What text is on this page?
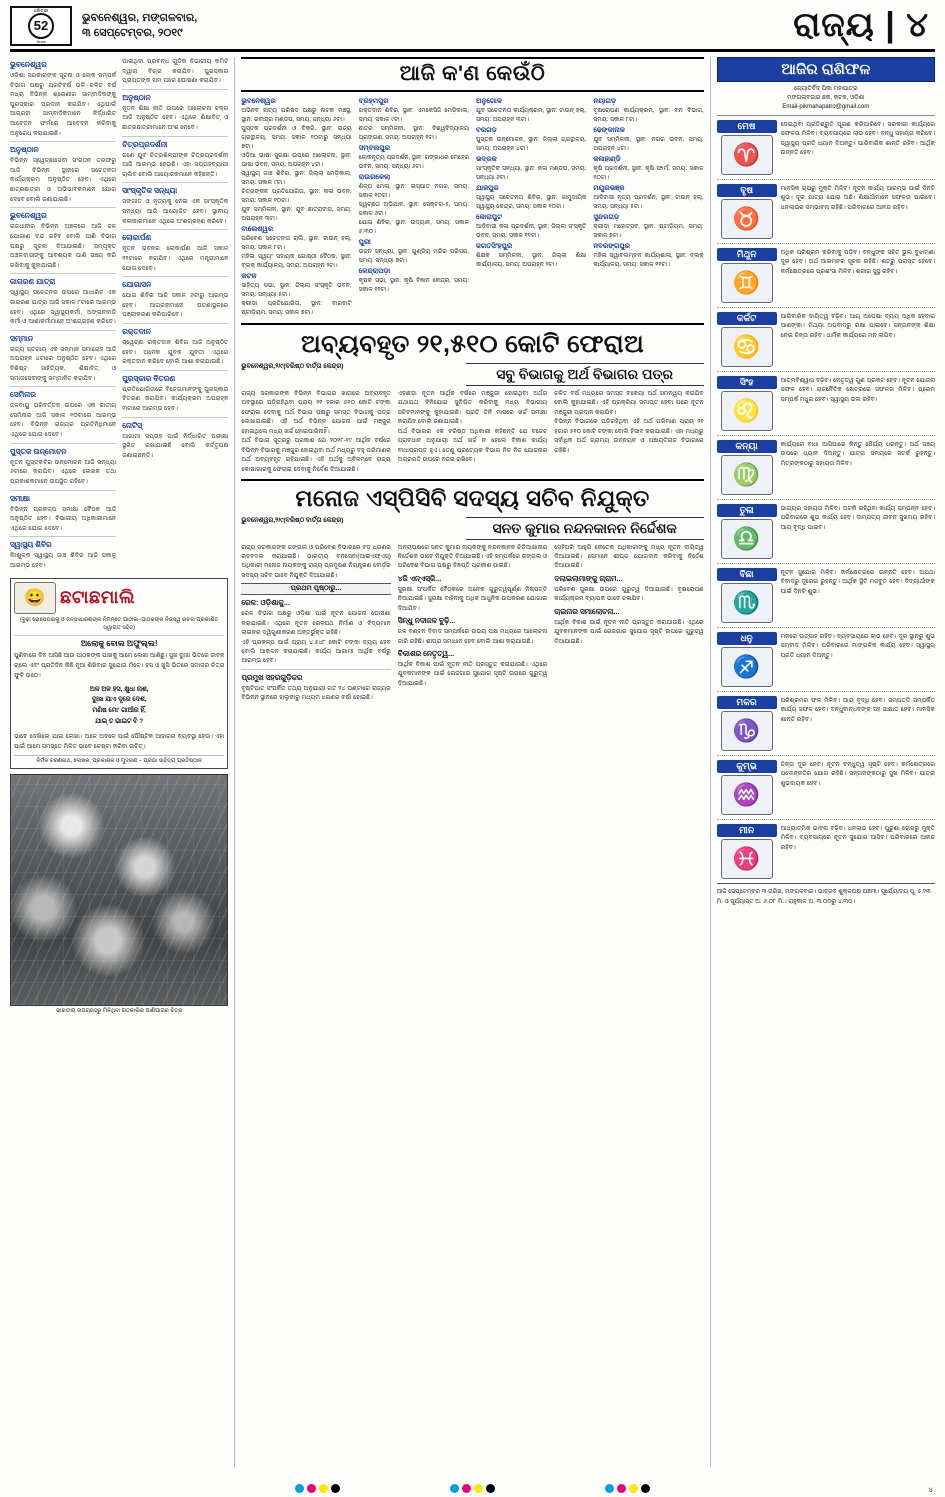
ଧରିତ୍ରୀ
52
Years
ଭୁବନେଶ୍ୱର, ମଙ୍ଗଳବାର,
୩ ସେପ୍ଟେମ୍ବର, ୨୦୧୯	ରାଜ୍ୟ | ୪
ଭୁବନେଶ୍ୱର
ଓଡ଼ିଶା ସରକାରଙ୍କ ସୂଚନା ଓ ଲୋକ ସମ୍ପର୍କ ବିଭାଗ ପକ୍ଷରୁ ପ୍ରତିବର୍ଷ ଭଳି ଚଳିତ ବର୍ଷ ମଧ୍ୟ ବିଭିନ୍ନ ଶ୍ରେଣୀର ସାମ୍ବାଦିକଙ୍କୁ ପୁରସ୍କାର ପ୍ରଦାନ କରାଯିବ। ଏଥିପାଇଁ ଆଗ୍ରହୀ ସାମ୍ବାଦିକମାନେ ନିର୍ଦ୍ଧାରିତ ଆବେଦନ ଫର୍ମରେ ଆବେଦନ କରିବାକୁ ଅନୁରୋଧ କରାଯାଇଛି।
ଅନୁଷ୍ଠାନ
ବିଭିନ୍ନ ସ୍ୱେଚ୍ଛାସେବୀ ସଂଗଠନ ତରଫରୁ ଆଜି ବିଭିନ୍ନ ସ୍ଥାନରେ ସଚେତନତା କାର୍ଯ୍ୟକ୍ରମ ଅନୁଷ୍ଠିତ ହେବ। ଏଥିରେ ଛାତ୍ରଛାତ୍ରୀ ଓ ଅଭିଭାବକମାନେ ଯୋଗ ଦେବେ ବୋଲି ଜଣାଯାଇଛି।
ଭୁବନେଶ୍ୱର
ରାଜଧାନୀର ବିଭିନ୍ନ ଅଞ୍ଚଳରେ ଆଜି ଜଳ ଯୋଗାଣ ବନ୍ଦ ରହିବ ବୋଲି ପାଣି ବିଭାଗ ପକ୍ଷରୁ ସୂଚନା ଦିଆଯାଇଛି। ସମ୍ପୃକ୍ତ ଅଞ୍ଚଳବାସୀଙ୍କୁ ଆବଶ୍ୟକ ପାଣି ସଞ୍ଚୟ କରି ରଖିବାକୁ କୁହାଯାଇଛି।
ଜାଗରଣ ଯାତ୍ରା
ସ୍ୱାସ୍ଥ୍ୟ ସଚେତନତା ଉପରେ ଆଧାରିତ ଏକ ଜାଗରଣ ଯାତ୍ରା ଆଜି ସକାଳ ୮ଟାରେ ଆରମ୍ଭ ହେବ। ଏଥିରେ ସ୍ୱାସ୍ଥ୍ୟକର୍ମୀ, ଅଙ୍ଗନବାଡ଼ି କର୍ମୀ ଓ ଆଶାକର୍ମୀମାନେ ଅଂଶଗ୍ରହଣ କରିବେ।
ସମ୍ମାନ
ରାଜ୍ୟ ସ୍ତରୀୟ ଏକ ସମ୍ମାନ ସମାରୋହ ଆଜି ଅପରାହ୍ନ ୪ଟାରେ ଅନୁଷ୍ଠିତ ହେବ। ଏଥିରେ ବିଶିଷ୍ଟ ସାହିତ୍ୟିକ, ଶିକ୍ଷାବିତ୍ ଓ ସମାଜସେବୀଙ୍କୁ ସମ୍ମାନିତ କରାଯିବ।
ସେମିନାର
ଜଳବାୟୁ ପରିବର୍ତ୍ତନ ଉପରେ ଏକ ଜାତୀୟ ସେମିନାର ଆଜି ସକାଳ ୧୦ଟାରେ ଆରମ୍ଭ ହେବ। ବିଭିନ୍ନ ରାଜ୍ୟର ପ୍ରତିନିଧିମାନେ ଏଥିରେ ଯୋଗ ଦେବେ।
ପୁସ୍ତକ ଉନ୍ମୋଚନ
ନୂତନ ପୁସ୍ତକଟିର ଉନ୍ମୋଚନ ଆଜି ସନ୍ଧ୍ୟା ୬ଟାରେ କରାଯିବ। ଏଥିରେ ଲେଖକ ତଥା ପ୍ରକାଶକମାନେ ଉପସ୍ଥିତ ରହିବେ।
ସମୀକ୍ଷା
ବିଭିନ୍ନ ପ୍ରକଳ୍ପ ସମୀକ୍ଷା ବୈଠକ ଆଜି ଅନୁଷ୍ଠିତ ହେବ। ବିଭାଗୀୟ ଅଧିକାରୀମାନେ ଏଥିରେ ଯୋଗ ଦେବେ।
ସ୍ୱାସ୍ଥ୍ୟ ଶିବିର
ନିଃଶୁଳ୍କ ସ୍ୱାସ୍ଥ୍ୟ ଜାଞ୍ଚ ଶିବିର ଆଜି ସକାଳୁ ଆରମ୍ଭ ହେବ।
ପାଇଥିବା ପ୍ରବନ୍ଧ ଗୁଡ଼ିକ ବିଭାଗୀୟ କମିଟି ଦ୍ୱାରା ବିଚାର କରାଯିବ। ପୁରସ୍କାର ପ୍ରାପ୍ତଙ୍କ ନାମ ପରେ ଘୋଷଣା କରାଯିବ।
ଅନୁଷ୍ଠାନ
ନୂତନ ଶିକ୍ଷା ନୀତି ଉପରେ ଆଲୋଚନା ଚକ୍ର ଆଜି ଅନୁଷ୍ଠିତ ହେବ। ଏଥିରେ ଶିକ୍ଷାବିତ୍ ଓ ଛାତ୍ରଛାତ୍ରୀମାନେ ଅଂଶ ନେବେ।
ଚିତ୍ରପ୍ରଦର୍ଶନୀ
ଜଣେ ଯୁବ ଚିତ୍ରଶିଳ୍ପୀଙ୍କ ଚିତ୍ରପ୍ରଦର୍ଶନୀ ଆଜି ଆରମ୍ଭ ହେଉଛି। ଏହା ସପ୍ତାହବ୍ୟାପୀ ଚାଲିବ ବୋଲି ଆୟୋଜକମାନେ କହିଛନ୍ତି।
ସାଂସ୍କୃତିକ ସନ୍ଧ୍ୟା
ସଙ୍ଗୀତ ଓ ନୃତ୍ୟକୁ ନେଇ ଏକ ସାଂସ୍କୃତିକ ସନ୍ଧ୍ୟା ଆଜି ଆୟୋଜିତ ହେବ। ସ୍ଥାନୀୟ କଳାକାରମାନେ ଏଥିରେ ଅଂଶଗ୍ରହଣ କରିବେ।
ଲୋକାର୍ପଣ
ନୂତନ ଭବନର ଲୋକାର୍ପଣ ଆଜି ସକାଳ ୧୧ଟାରେ କରାଯିବ। ଏଥିରେ ମନ୍ତ୍ରୀମାନେ ଯୋଗ ଦେବେ।
ଯୋଗାସନ
ଯୋଗ ଶିବିର ଆଜି ସକାଳ ୬ଟାରୁ ଆରମ୍ଭ ହେବ। ଆଗ୍ରହୀମାନେ ଘଟଣାସ୍ଥଳରେ ପଞ୍ଜୀକରଣ କରିପାରିବେ।
ରକ୍ତଦାନ
ସ୍ୱେଚ୍ଛା ରକ୍ତଦାନ ଶିବିର ଆଜି ଅନୁଷ୍ଠିତ ହେବ। ଅନେକ ଯୁବକ ଯୁବତୀ ଏଥିରେ ରକ୍ତଦାନ କରିବେ ବୋଲି ଆଶା କରାଯାଉଛି।
ପୁରସ୍କାର ବିତରଣ
ପ୍ରତିଯୋଗିତାରେ ବିଜେତାମାନଙ୍କୁ ପୁରସ୍କାର ବିତରଣ କରାଯିବ। କାର୍ଯ୍ୟକ୍ରମ ଅପରାହ୍ନ ୩ଟାରେ ଆରମ୍ଭ ହେବ।
ନୋଟିସ୍
ଆଗାମୀ ସପ୍ତାହ ପାଇଁ ନିର୍ଦ୍ଧାରିତ ପରୀକ୍ଷା ସ୍ଥଗିତ ରଖାଯାଇଛି ବୋଲି କର୍ତ୍ତୃପକ୍ଷ ଜଣାଇଛନ୍ତି।
😀 ଛଟାଛମାଲି
(ବୁଢ଼ା ରୋଷେଘରକୁ ଓ ଜନସାଧାରଣଙ୍କ ନିମନ୍ତେ ପାଠାଇ−ପାଠକଙ୍କ ନିଜସ୍ୱ ରଚନା ପ୍ରକାଶିତ ସ୍ୱାଗତ ସହିତ)
ଅଲୋକୁ ବୋଲ ଅଫୁଲ୍ଲ!
ପୁଣିବାରେ ଦିନ ଆସିଛି ଆଉ ପାଠକଙ୍କ ପାଖକୁ ଆମେ ଲେଖା ଆଣିଛୁ। ସୁଖ ଦୁଃଖ ଭିତରେ ଜୀବନ ଚାଲେ ଏବଂ ପ୍ରତିଦିନ କିଛି ନୂଆ ଶିଖିବାର ସୁଯୋଗ ମିଳେ। ହସ ଓ ଖୁସି ଭିତରେ ସମାଜର ଚିତ୍ର ଫୁଟି ଉଠେ।
ଅଳ ଅଳ ହସ, କ୍ଷୁଧା ନାଶ,
ଦୁଃଖ ଯାଏ ଦୂରେ ଦେଶ,
ମଣିଷ ମୋ' ଗାଆଁର ହିଁ,
ଯାଇ୍ ତ ଭାଇଟ ବି ?
ଭାବେ ଦେଖିଲେ ଯାଇ ଲେଖା। ଅଳେ ଅବଳେ ପାଇଁ ପୌଷ୍ଟିକ ଆହାରର ବ୍ୟବସ୍ଥା ହେଉ। ଏହା ପାଇଁ ଆମେ ସମସ୍ତେ ମିଳିତ ଭାବେ ଚେଷ୍ଟା କରିବା ଉଚିତ୍।
ନିର୍ମଳ ଚରଣନାଥ, ଲେଖକ, ପ୍ରକାଶକ ଓ ମୁଦ୍ରଣ − ପ୍ରଭା ସାହିତ୍ୟ ପ୍ରତିଷ୍ଠାନ
ଭାରତୀୟ ଉପଗ୍ରହରୁ ମିଳିଥିବା ଗତକାଲିର ପାଣିପାଗର ଚିତ୍ର
ଆଜି କ'ଣ କେଉଁଠି
ଭୁବନେଶ୍ୱର
ଅଭିନବ ନାଟ୍ୟ ପରିଷଦ ପକ୍ଷରୁ ନାଟକ ମଞ୍ଚସ୍ଥ, ସ୍ଥାନ: ରବୀନ୍ଦ୍ର ମଣ୍ଡପ, ସମୟ: ସନ୍ଧ୍ୟା ୬ଟା।
ପୁସ୍ତକ ପ୍ରଦର୍ଶନୀ ଓ ବିକ୍ରି, ସ୍ଥାନ: ରାଜ୍ୟ ଗ୍ରନ୍ଥାଳୟ, ସମୟ: ସକାଳ ୧୦ଟାରୁ ସନ୍ଧ୍ୟା ୭ଟା।
ଓଡ଼ିଆ ଭାଷା ସୁରକ୍ଷା ଉପରେ ଆଲୋଚନା, ସ୍ଥାନ: ଭାଷା ଭବନ, ସମୟ: ଅପରାହ୍ନ ୪ଟା।
ସ୍ୱାସ୍ଥ୍ୟ ଜାଞ୍ଚ ଶିବିର, ସ୍ଥାନ: ଜିଲ୍ଲା ମେଡ଼ିକାଲ, ସମୟ: ସକାଳ ୯ଟା।
ଚିତ୍ରାଙ୍କନ ପ୍ରତିଯୋଗିତା, ସ୍ଥାନ: କଳା ଭବନ, ସମୟ: ସକାଳ ୧୦ଟା।
ଯୁବ ସମ୍ମିଳନୀ, ସ୍ଥାନ: ଯୁବ ଛାତ୍ରାବାସ, ସମୟ: ଅପରାହ୍ନ ୩ଟା।
ବାଲେଶ୍ୱର
ପରିବେଶ ସଚେତନତା ରାଲି, ସ୍ଥାନ: ଟାଉନ୍ ହଲ୍, ସମୟ: ସକାଳ ୮ଟା।
ମହିଳା ସ୍ୱୟଂ ସହାୟକ ଗୋଷ୍ଠୀ ବୈଠକ, ସ୍ଥାନ: ବ୍ଲକ୍ କାର୍ଯ୍ୟାଳୟ, ସମୟ: ଅପରାହ୍ନ ୨ଟା।
କଟକ
ସାହିତ୍ୟ ସଭା, ସ୍ଥାନ: ଜିଲ୍ଲା ସଂସ୍କୃତି ଭବନ, ସମୟ: ସନ୍ଧ୍ୟା ୫ଟା।
କ୍ରୀଡ଼ା ପ୍ରତିଯୋଗିତା, ସ୍ଥାନ: ବାରବାଟି ଷ୍ଟାଡ଼ିୟମ, ସମୟ: ସକାଳ ୭ଟା।
ବ୍ରହ୍ମପୁର
ରକ୍ତଦାନ ଶିବିର, ସ୍ଥାନ: ଏମକେସିଜି ମେଡ଼ିକାଲ, ସମୟ: ସକାଳ ୯ଟା।
ଛାତ୍ର ସମ୍ମିଳନୀ, ସ୍ଥାନ: ବିଶ୍ୱବିଦ୍ୟାଳୟ ପ୍ରାଙ୍ଗଣ, ସମୟ: ଅପରାହ୍ନ ୧ଟା।
ସମ୍ବଲପୁର
ଲୋକନୃତ୍ୟ ପ୍ରଦର୍ଶନ, ସ୍ଥାନ: ଗଙ୍ଗାଧର ମେହେର ଭବନ, ସମୟ: ସନ୍ଧ୍ୟା ୬ଟା।
ରାଉରକେଲା
ଶିଳ୍ପ ମେଳା, ସ୍ଥାନ: ଇସ୍ପାତ ନଗର, ସମୟ: ସକାଳ ୧୦ଟା।
ସ୍ୱଚ୍ଛତା ଅଭିଯାନ, ସ୍ଥାନ: ସେକ୍ଟର-୫, ସମୟ: ସକାଳ ୬ଟା।
ଯୋଗ ଶିବିର, ସ୍ଥାନ: ଉଦ୍ୟାନ, ସମୟ: ସକାଳ ୫:୩୦।
ପୁରୀ
ଭଜନ ସନ୍ଧ୍ୟା, ସ୍ଥାନ: ଗୁଣ୍ଡିଚା ମନ୍ଦିର ପରିସର, ସମୟ: ସନ୍ଧ୍ୟା ୭ଟା।
କେନ୍ଦ୍ରାପଡ଼ା
କୃଷକ ସଭା, ସ୍ଥାନ: କୃଷି ବିଜ୍ଞାନ କେନ୍ଦ୍ର, ସମୟ: ସକାଳ ୧୧ଟା।
ଅନୁଗୋଳ
ଯୁବ ସଚେତନତା କାର୍ଯ୍ୟକ୍ରମ, ସ୍ଥାନ: ଟାଉନ୍ ହଲ୍, ସମୟ: ଅପରାହ୍ନ ୩ଟା।
ବରଗଡ଼
ପୁସ୍ତକ ଉନ୍ମୋଚନ, ସ୍ଥାନ: ଜିଲ୍ଲା ଗ୍ରନ୍ଥାଳୟ, ସମୟ: ଅପରାହ୍ନ ୪ଟା।
ଭଦ୍ରକ
ସାଂସ୍କୃତିକ ସନ୍ଧ୍ୟା, ସ୍ଥାନ: କଳା ମଣ୍ଡପ, ସମୟ: ସନ୍ଧ୍ୟା ୬ଟା।
ଯାଜପୁର
ସ୍ୱାସ୍ଥ୍ୟ ସଚେତନତା ଶିବିର, ସ୍ଥାନ: ସାମୁଦାୟିକ ସ୍ୱାସ୍ଥ୍ୟ କେନ୍ଦ୍ର, ସମୟ: ସକାଳ ୧୦ଟା।
କୋରାପୁଟ
ଆଦିବାସୀ କଳା ପ୍ରଦର୍ଶନୀ, ସ୍ଥାନ: ଜିଲ୍ଲା ସଂସ୍କୃତି ଭବନ, ସମୟ: ସକାଳ ୧୧ଟା।
ଜଗତସିଂହପୁର
ଶିକ୍ଷକ ସମ୍ମିଳନୀ, ସ୍ଥାନ: ଜିଲ୍ଲା ଶିକ୍ଷା କାର୍ଯ୍ୟାଳୟ, ସମୟ: ଅପରାହ୍ନ ୨ଟା।
ନୟାଗଡ଼
ବୃକ୍ଷରୋପଣ କାର୍ଯ୍ୟକ୍ରମ, ସ୍ଥାନ: ବନ ବିଭାଗ, ସମୟ: ସକାଳ ୮ଟା।
ଢେଙ୍କାନାଳ
ଯୁବ ସମ୍ମିଳନୀ, ସ୍ଥାନ: ନଗର ଭବନ, ସମୟ: ଅପରାହ୍ନ ୪ଟା।
କଳାହାଣ୍ଡି
କୃଷି ପ୍ରଦର୍ଶନୀ, ସ୍ଥାନ: କୃଷି ଫାର୍ମ, ସମୟ: ସକାଳ ୧୦ଟା।
ମୟୂରଭଞ୍ଜ
ଆଦିବାସୀ ନୃତ୍ୟ ପ୍ରଦର୍ଶନ, ସ୍ଥାନ: ଟାଉନ୍ ହଲ୍, ସମୟ: ସନ୍ଧ୍ୟା ୫ଟା।
ସୁନ୍ଦରଗଡ଼
କ୍ରୀଡ଼ା ମହୋତ୍ସବ, ସ୍ଥାନ: ଷ୍ଟାଡ଼ିୟମ, ସମୟ: ସକାଳ ୭ଟା।
ନବରଙ୍ଗପୁର
ମହିଳା ସ୍ୱାବଲମ୍ବନ କାର୍ଯ୍ୟଶାଳା, ସ୍ଥାନ: ବ୍ଲକ୍ କାର୍ଯ୍ୟାଳୟ, ସମୟ: ସକାଳ ୧୧ଟା।
ଅବ୍ୟବହୃତ ୨୧,୫୧୦ କୋଟି ଫେରାଅ
ଭୁବନେଶ୍ୱର,୨/୯(ବରିଷ୍ଠ ବାର୍ତ୍ତା କେନ୍ଦ୍ର)	ସବୁ ବିଭାଗକୁ ଅର୍ଥ ବିଭାଗର ପତ୍ର
ରାଜ୍ୟ ସରକାରଙ୍କ ବିଭିନ୍ନ ବିଭାଗର ଖାତାରେ ଅବ୍ୟବହୃତ ଅବସ୍ଥାରେ ପଡ଼ିରହିଥିବା ପ୍ରାୟ ୨୧ ହଜାର ୫୧୦ କୋଟି ଟଙ୍କା ଫେରାଇ ଦେବାକୁ ଅର୍ଥ ବିଭାଗ ପକ୍ଷରୁ ସମସ୍ତ ବିଭାଗକୁ ପତ୍ର ଲେଖାଯାଇଛି। ଏହି ଅର୍ଥ ବିଭିନ୍ନ ଯୋଜନା ପାଇଁ ମଞ୍ଜୁର ହୋଇଥିଲେ ମଧ୍ୟ ଖର୍ଚ୍ଚ ହୋଇପାରିନାହିଁ।
ଅର୍ଥ ବିଭାଗ ସୂତ୍ରରୁ ପ୍ରକାଶ ଯେ ୨୦୧୮-୧୯ ଆର୍ଥିକ ବର୍ଷରେ ବିଭିନ୍ନ ବିଭାଗକୁ ମଞ୍ଜୁର ହୋଇଥିବା ଅର୍ଥ ମଧ୍ୟରୁ ବହୁ ପରିମାଣର ଅର୍ଥ ଅବ୍ୟବହୃତ ରହିଯାଇଛି। ଏହି ଅର୍ଥକୁ ଅବିଳମ୍ବେ ରାଜ୍ୟ କୋଷାଗାରକୁ ଫେରାଇ ଦେବାକୁ ନିର୍ଦ୍ଦେଶ ଦିଆଯାଇଛି।
ଏହାଛଡ଼ା ନୂତନ ଆର୍ଥିକ ବର୍ଷରେ ମଞ୍ଜୁରୀ ହୋଇଥିବା ଅର୍ଥର ଯଥାଯଥ ବିନିଯୋଗ ସୁନିଶ୍ଚିତ କରିବାକୁ ମଧ୍ୟ ବିଭାଗୀୟ ସଚିବମାନଙ୍କୁ କୁହାଯାଇଛି। ପ୍ରତି ତିନି ମାସରେ ଖର୍ଚ୍ଚ ସମୀକ୍ଷା କରାଯିବ ବୋଲି ଜଣାଯାଇଛି।
ଅର୍ଥ ବିଭାଗର ଏକ ବରିଷ୍ଠ ଅଧିକାରୀ କହିଛନ୍ତି ଯେ ବଜେଟ ପ୍ରାବଧାନ ଅନୁଯାୟୀ ଅର୍ଥ ଖର୍ଚ୍ଚ ନ ହେଲେ ବିକାଶ କାର୍ଯ୍ୟ ବାଧାପ୍ରାପ୍ତ ହୁଏ। ତେଣୁ ପ୍ରତ୍ୟେକ ବିଭାଗ ନିଜ ନିଜ ଯୋଜନାର ଅଗ୍ରଗତି ଉପରେ ନଜର ରଖିବେ।
ଚଳିତ ବର୍ଷ ମଧ୍ୟରେ ସମସ୍ତ ବକେୟା ଅର୍ଥ ସମନ୍ୱୟ କରାଯିବ ବୋଲି କୁହାଯାଇଛି। ଏହି ପ୍ରକ୍ରିୟା ସମାପ୍ତ ହେବା ପରେ ନୂତନ ମଞ୍ଜୁରୀ ପ୍ରଦାନ କରାଯିବ।
ବିଭିନ୍ନ ବିଭାଗରେ ପଡ଼ିରହିଥିବା ଏହି ଅର୍ଥ ପରିମାଣ ପ୍ରାୟ ୨୧ ହଜାର ୫୧୦ କୋଟି ଟଙ୍କା ବୋଲି ହିସାବ କରାଯାଇଛି। ଏହା ମଧ୍ୟରୁ ସର୍ବାଧିକ ଅର୍ଥ ଗ୍ରାମ୍ୟ ଉନ୍ନୟନ ଓ ପଞ୍ଚାୟତିରାଜ ବିଭାଗରେ ରହିଛି।
ମନୋଜ ଏସ୍‌ପିସିବି ସଦସ୍ୟ ସଚିବ ନିଯୁକ୍ତ
ଭୁବନେଶ୍ୱର,୨/୯(ବରିଷ୍ଠ ବାର୍ତ୍ତା କେନ୍ଦ୍ର)	ସନତ କୁମାର ନନ୍ଦନକାନନ ନିର୍ଦ୍ଦେଶକ
ରାଜ୍ୟ ସରକାରଙ୍କ ଜଙ୍ଗଲ ଓ ପରିବେଶ ବିଭାଗରେ ବଡ଼ ଧରଣର ରଦବଦଲ କରାଯାଇଛି। ଭାରତୀୟ ବନସେବା(ଆଇଏଫ୍ଏସ୍) ଅଧିକାରୀ ମନୋଜ ନାୟକଙ୍କୁ ରାଜ୍ୟ ପ୍ରଦୂଷଣ ନିୟନ୍ତ୍ରଣ ବୋର୍ଡ଼ର ସଦସ୍ୟ ସଚିବ ଭାବେ ନିଯୁକ୍ତି ଦିଆଯାଇଛି।
ପ୍ରଥମ ପୃଷ୍ଠାରୁ...
ରେଳ: ଓଡ଼ିଶାକୁ...
ରେଳ ବିଭାଗ ପକ୍ଷରୁ ଓଡ଼ିଶା ପାଇଁ ନୂତନ ଯୋଜନା ଘୋଷଣା କରାଯାଇଛି। ଏଥିରେ ନୂତନ ରେଳପଥ ନିର୍ମାଣ ଓ ବିଦ୍ୟମାନ ଲାଇନର ଦ୍ୱିଗୁଣୀକରଣ ଅନ୍ତର୍ଭୁକ୍ତ ରହିଛି।
ଏହି ପ୍ରକଳ୍ପ ପାଇଁ ପ୍ରାୟ ୪,୫୪୮ କୋଟି ଟଙ୍କା ବ୍ୟୟ ହେବ ବୋଲି ଆକଳନ କରାଯାଇଛି। କାର୍ଯ୍ୟ ଆଗାମୀ ଆର୍ଥିକ ବର୍ଷରୁ ଆରମ୍ଭ ହେବ।
ପ୍ରମୁଖ ସହରଗୁଡ଼ିକର
ବୃଷ୍ଟିପାତ ସଂପର୍କିତ ତଥ୍ୟ ଅନୁଯାୟୀ ଗତ ୨୪ ଘଣ୍ଟାରେ ରାଜ୍ୟର ବିଭିନ୍ନ ସ୍ଥାନରେ ହାଲୁକାରୁ ମଧ୍ୟମ ଧରଣର ବର୍ଷା ହୋଇଛି।
ଅନ୍ୟପକ୍ଷରେ ସନତ କୁମାର ନାୟକଙ୍କୁ ନନ୍ଦନକାନନ ଚିଡ଼ିଆଖାନାର ନିର୍ଦ୍ଦେଶକ ଭାବେ ନିଯୁକ୍ତି ଦିଆଯାଇଛି। ଏହି ସମ୍ପର୍କରେ ଜଙ୍ଗଲ ଓ ପରିବେଶ ବିଭାଗ ପକ୍ଷରୁ ବିଜ୍ଞପ୍ତି ପ୍ରକାଶ ପାଇଛି।
୪ଜି ଏନ୍‌ଏସ୍‌ଜି...
ସୁରକ୍ଷା ସଂପର୍କିତ ବୈଠକରେ ଅନେକ ଗୁରୁତ୍ୱପୂର୍ଣ୍ଣ ନିଷ୍ପତ୍ତି ନିଆଯାଇଛି। ସୁରକ୍ଷା ବାହିନୀକୁ ଅଧିକ ଆଧୁନିକ ଉପକରଣ ଯୋଗାଇ ଦିଆଯିବ।
ସିନ୍ଧୁ ନଦୀଜଳ ବୁଢ଼ି...
ଜଳ ବଣ୍ଟନ ବିବାଦ ସମ୍ପର୍କରେ ଉଭୟ ପକ୍ଷ ମଧ୍ୟରେ ଆଲୋଚନା ଜାରି ରହିଛି। ଶୀଘ୍ର ସମାଧାନ ହେବ ବୋଲି ଆଶା କରାଯାଉଛି।
ବିକାଶର ନେତୃତ୍ୱ...
ଆର୍ଥିକ ବିକାଶ ପାଇଁ ନୂତନ ନୀତି ପ୍ରସ୍ତୁତ କରାଯାଉଛି। ଏଥିରେ ଯୁବକମାନଙ୍କ ପାଇଁ ରୋଜଗାର ସୁଯୋଗ ସୃଷ୍ଟି ଉପରେ ଗୁରୁତ୍ୱ ଦିଆଯାଇଛି।
ସେହିପରି ଆହୁରି କେତେକ ଅଧିକାରୀଙ୍କୁ ମଧ୍ୟ ନୂତନ ଦାୟିତ୍ୱ ଦିଆଯାଇଛି। ସେମାନେ ଶୀଘ୍ର ଯୋଗଦାନ କରିବାକୁ ନିର୍ଦ୍ଦେଶ ଦିଆଯାଇଛି।
ଦଲାଇଲାମାଙ୍କୁ ଗ୍ରାମ...
ପରିବେଶ ସୁରକ୍ଷା ଉପରେ ଗୁରୁତ୍ୱ ଦିଆଯାଇଛି। ବୃକ୍ଷରୋପଣ କାର୍ଯ୍ୟକ୍ରମ ବ୍ୟାପକ ଭାବେ ଚଳାଯିବ।
ଚାଇନାର ସମାଲୋଚନା...
ଆର୍ଥିକ ବିକାଶ ପାଇଁ ନୂତନ ନୀତି ପ୍ରସ୍ତୁତ କରାଯାଉଛି। ଏଥିରେ ଯୁବକମାନଙ୍କ ପାଇଁ ରୋଜଗାର ସୁଯୋଗ ସୃଷ୍ଟି ଉପରେ ଗୁରୁତ୍ୱ ଦିଆଯାଇଛି।
ଆଜିର ରାଶିଫଳ
ଜ୍ୟୋତିର୍ବିଦ୍‌ ପିକା ମହାପାତ୍ର
ମଙ୍ଗଳାବଜାର ଛକ, କଟକ, ଓଡ଼ିଶା
Email-pikmahapatro@gmail.com
ମେଷ
♈
ଦେଇଥିବା ପ୍ରତିଶ୍ରୁତି ପୂରଣ କରିପାରିବେ। ସରକାରୀ କାର୍ଯ୍ୟରେ ସଫଳତା ମିଳିବ। ବ୍ୟବସାୟରେ ଲାଭ ହେବ। ବନ୍ଧୁ ସହାୟତା କରିବେ। ସ୍ୱାସ୍ଥ୍ୟ ପ୍ରତି ଧ୍ୟାନ ଦିଅନ୍ତୁ। ପାରିବାରିକ ଶାନ୍ତି ରହିବ। ଆର୍ଥିକ ଉନ୍ନତି ହେବ।
ବୃଷ
♉
ମାନସିକ ଚାପରୁ ମୁକ୍ତି ମିଳିବ। ନୂତନ କାର୍ଯ୍ୟ ଆରମ୍ଭ ପାଇଁ ଦିନଟି ଶୁଭ। ଦୂର ଯାତ୍ରା ଯୋଗ ଅଛି। ଶିକ୍ଷାର୍ଥୀମାନେ ସଫଳତା ପାଇବେ। ଧନଲାଭର ସମ୍ଭାବନା ରହିଛି। ପରିବାରରେ ଆନନ୍ଦ ରହିବ।
ମିଥୁନ
♊
ଅଧିକ ପରିଶ୍ରମ କରିବାକୁ ପଡ଼ିବ। ବନ୍ଧୁଙ୍କ ସହିତ ଭୁଲ ବୁଝାମଣା ଦୂର ହେବ। ଅର୍ଥ ଆଗମନର ସୂଚନା ରହିଛି। ଶତ୍ରୁ ପରାସ୍ତ ହେବେ। କର୍ମକ୍ଷେତ୍ରରେ ପ୍ରଶଂସା ମିଳିବ। ଶରୀର ସୁସ୍ଥ ରହିବ।
କର୍କଟ
♋
ପାରିବାରିକ ଦାୟିତ୍ୱ ବଢ଼ିବ। ଆୟ ଅପେକ୍ଷା ବ୍ୟୟ ଅଧିକ ହେବାର ଆଶଙ୍କା। ମିଥ୍ୟା ଅପବାଦରୁ ରକ୍ଷା ପାଇବେ। ସନ୍ତାନଙ୍କ ଶିକ୍ଷା ନେଇ ଚିନ୍ତା ରହିବ। ଧାର୍ମିକ କାର୍ଯ୍ୟରେ ମନ ଲାଗିବ।
ସିଂହ
♌
ଆତ୍ମବିଶ୍ୱାସ ବଢ଼ିବ। ନେତୃତ୍ୱ ଗୁଣ ପ୍ରକଟ ହେବ। ନୂତନ ଯୋଜନା ସଫଳ ହେବ। ରାଜନୈତିକ କ୍ଷେତ୍ରରେ ସଫଳତା ମିଳିବ। ପ୍ରେମ ସମ୍ପର୍କ ମଧୁର ହେବ। ସ୍ୱାସ୍ଥ୍ୟ ଭଲ ରହିବ।
କନ୍ୟା
♍
କାର୍ଯ୍ୟରେ ବାଧା ଆସିପାରେ କିନ୍ତୁ ଧୈର୍ଯ୍ୟ ଧରନ୍ତୁ। ଅର୍ଥ ସଞ୍ଚୟ ଉପରେ ଧ୍ୟାନ ଦିଅନ୍ତୁ। ଯାତ୍ରା ସମୟରେ ସତର୍କ ରୁହନ୍ତୁ। ମିତ୍ରଙ୍କଠାରୁ ସହାୟତା ମିଳିବ।
ତୁଳା
♎
ଭାଗ୍ୟର ସହାୟତା ମିଳିବ। ଅଟକି ରହିଥିବା କାର୍ଯ୍ୟ ସମ୍ପନ୍ନ ହେବ। ପରିବାରରେ ଶୁଭ କାର୍ଯ୍ୟ ହେବ। ଦାମ୍ପତ୍ୟ ଜୀବନ ସୁଖମୟ ରହିବ। ଆୟ ବୃଦ୍ଧି ପାଇବ।
ବିଛା
♏
ନୂତନ ସୁଯୋଗ ମିଳିବ। କର୍ମକ୍ଷେତ୍ରରେ ଉନ୍ନତି ହେବ। ଅଯଥା ବିବାଦରୁ ଦୂରେଇ ରୁହନ୍ତୁ। ଆର୍ଥିକ ସ୍ଥିତି ମଜବୁତ ହେବ। ବିଦ୍ୟାର୍ଥୀଙ୍କ ପାଇଁ ଦିନଟି ଶୁଭ।
ଧନୁ
♐
ମନରେ ଉତ୍ସାହ ରହିବ। ବ୍ୟବସାୟରେ ଲାଭ ହେବ। ଦୂର ସ୍ଥାନରୁ ଶୁଭ ସମ୍ବାଦ ମିଳିବ। ପରିବାରରେ ମାଙ୍ଗଳିକ କାର୍ଯ୍ୟ ହେବ। ସ୍ୱାସ୍ଥ୍ୟ ପ୍ରତି ଧ୍ୟାନ ଦିଅନ୍ତୁ।
ମକର
♑
ପରିଶ୍ରମର ଫଳ ମିଳିବ। ଆୟ ବୃଦ୍ଧି ହେବ। ସମ୍ପତ୍ତି ସମ୍ପର୍କିତ କାର୍ଯ୍ୟ ସଫଳ ହେବ। ବନ୍ଧୁବାନ୍ଧବଙ୍କ ସହ ସାକ୍ଷାତ ହେବ। ମାନସିକ ଶାନ୍ତି ରହିବ।
କୁମ୍ଭ
♒
ଚିନ୍ତା ଦୂର ହେବ। ନୂତନ ବନ୍ଧୁତ୍ୱ ସୃଷ୍ଟି ହେବ। କର୍ମକ୍ଷେତ୍ରରେ ପଦୋନ୍ନତିର ଯୋଗ ରହିଛି। ସନ୍ତାନଙ୍କଠାରୁ ସୁଖ ମିଳିବ। ଯାତ୍ରା ଶୁଭଦାୟକ ହେବ।
ମୀନ
♓
ଆଧ୍ୟାତ୍ମିକ ଭାବନା ବଢ଼ିବ। ଧନଲାଭ ହେବ। ପୁରୁଣା ରୋଗରୁ ମୁକ୍ତି ମିଳିବ। ବ୍ୟବସାୟରେ ନୂତନ ସୁଯୋଗ ଆସିବ। ପରିବାରରେ ଆନନ୍ଦ ରହିବ।
ଆଜି ସେପ୍ଟେମ୍ବର ୩ ତାରିଖ, ମଙ୍ଗଳବାର। ଭାଦ୍ରବ ଶୁକ୍ଳପକ୍ଷ ପଞ୍ଚମୀ। ସୂର୍ଯ୍ୟୋଦୟ ପୂ. ୫.୨୩ ମି. ଓ ସୂର୍ଯ୍ୟାସ୍ତ ଅ. ୬.୦୮ ମି.। ରାହୁକାଳ ଅ. ୩.୦୦ରୁ ୪.୩୦।
୪
